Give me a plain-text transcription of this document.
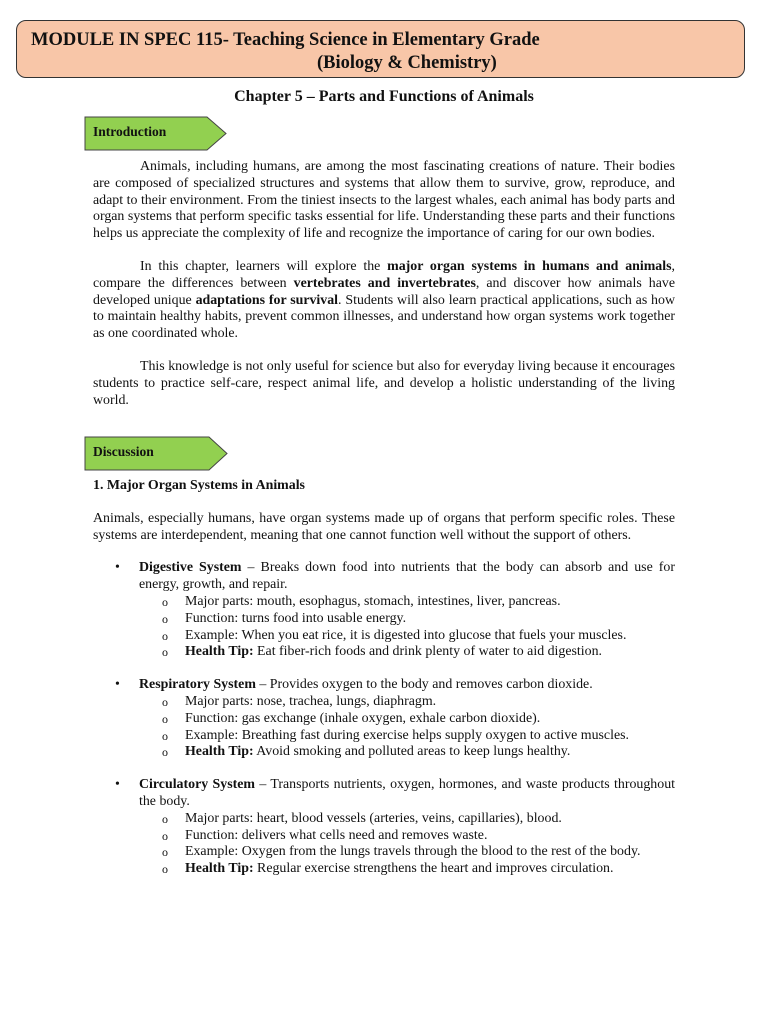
MODULE IN SPEC 115- Teaching Science in Elementary Grade
(Biology & Chemistry)
Chapter 5 – Parts and Functions of Animals
Introduction

Animals, including humans, are among the most fascinating creations of nature. Their bodies are composed of specialized structures and systems that allow them to survive, grow, reproduce, and adapt to their environment. From the tiniest insects to the largest whales, each animal has body parts and organ systems that perform specific tasks essential for life. Understanding these parts and their functions helps us appreciate the complexity of life and recognize the importance of caring for our own bodies.

In this chapter, learners will explore the major organ systems in humans and animals, compare the differences between vertebrates and invertebrates, and discover how animals have developed unique adaptations for survival. Students will also learn practical applications, such as how to maintain healthy habits, prevent common illnesses, and understand how organ systems work together as one coordinated whole.

This knowledge is not only useful for science but also for everyday living because it encourages students to practice self-care, respect animal life, and develop a holistic understanding of the living world.

Discussion

1. Major Organ Systems in Animals

Animals, especially humans, have organ systems made up of organs that perform specific roles. These systems are interdependent, meaning that one cannot function well without the support of others.

• Digestive System – Breaks down food into nutrients that the body can absorb and use for energy, growth, and repair.
o Major parts: mouth, esophagus, stomach, intestines, liver, pancreas.
o Function: turns food into usable energy.
o Example: When you eat rice, it is digested into glucose that fuels your muscles.
o Health Tip: Eat fiber-rich foods and drink plenty of water to aid digestion.
• Respiratory System – Provides oxygen to the body and removes carbon dioxide.
o Major parts: nose, trachea, lungs, diaphragm.
o Function: gas exchange (inhale oxygen, exhale carbon dioxide).
o Example: Breathing fast during exercise helps supply oxygen to active muscles.
o Health Tip: Avoid smoking and polluted areas to keep lungs healthy.
• Circulatory System – Transports nutrients, oxygen, hormones, and waste products throughout the body.
o Major parts: heart, blood vessels (arteries, veins, capillaries), blood.
o Function: delivers what cells need and removes waste.
o Example: Oxygen from the lungs travels through the blood to the rest of the body.
o Health Tip: Regular exercise strengthens the heart and improves circulation.
